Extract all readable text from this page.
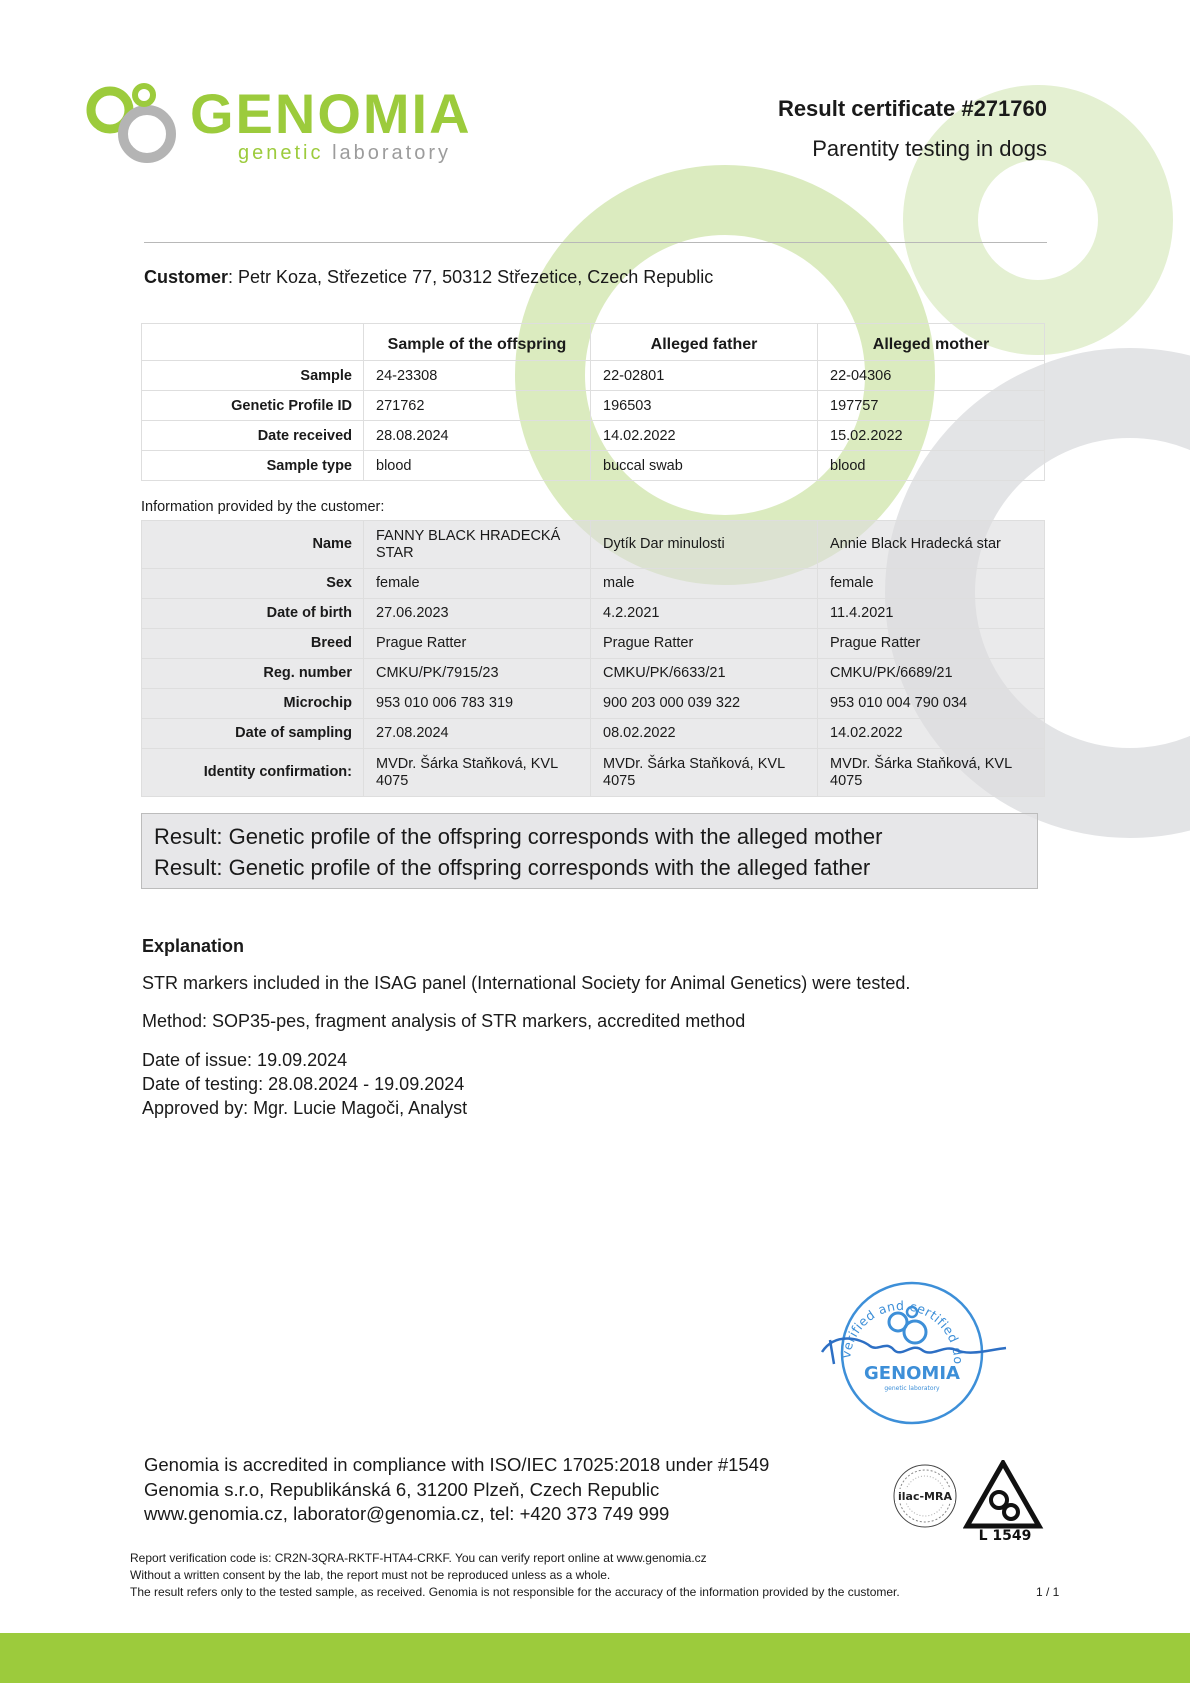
GENOMIA
genetic laboratory
Result certificate #271760
Parentity testing in dogs
Customer: Petr Koza, Střezetice 77, 50312 Střezetice, Czech Republic
	Sample of the offspring	Alleged father	Alleged mother
Sample	24-23308	22-02801	22-04306
Genetic Profile ID	271762	196503	197757
Date received	28.08.2024	14.02.2022	15.02.2022
Sample type	blood	buccal swab	blood
Information provided by the customer:
Name	FANNY BLACK HRADECKÁ STAR	Dytík Dar minulosti	Annie Black Hradecká star
Sex	female	male	female
Date of birth	27.06.2023	4.2.2021	11.4.2021
Breed	Prague Ratter	Prague Ratter	Prague Ratter
Reg. number	CMKU/PK/7915/23	CMKU/PK/6633/21	CMKU/PK/6689/21
Microchip	953 010 006 783 319	900 203 000 039 322	953 010 004 790 034
Date of sampling	27.08.2024	08.02.2022	14.02.2022
Identity confirmation:	MVDr. Šárka Staňková, KVL 4075	MVDr. Šárka Staňková, KVL 4075	MVDr. Šárka Staňková, KVL 4075

Result: Genetic profile of the offspring corresponds with the alleged mother

Result: Genetic profile of the offspring corresponds with the alleged father

Explanation
STR markers included in the ISAG panel (International Society for Animal Genetics) were tested.
Method: SOP35-pes, fragment analysis of STR markers, accredited method
Date of issue: 19.09.2024
Date of testing: 28.08.2024 - 19.09.2024
Approved by: Mgr. Lucie Magoči, Analyst
verified and certified do
GENOMIA
genetic laboratory
Genomia is accredited in compliance with ISO/IEC 17025:2018 under #1549
Genomia s.r.o, Republikánská 6, 31200 Plzeň, Czech Republic
www.genomia.cz, laborator@genomia.cz, tel: +420 373 749 999
ilac-MRA
L 1549
Report verification code is: CR2N-3QRA-RKTF-HTA4-CRKF. You can verify report online at www.genomia.cz
Without a written consent by the lab, the report must not be reproduced unless as a whole.
The result refers only to the tested sample, as received. Genomia is not responsible for the accuracy of the information provided by the customer.	1 / 1
